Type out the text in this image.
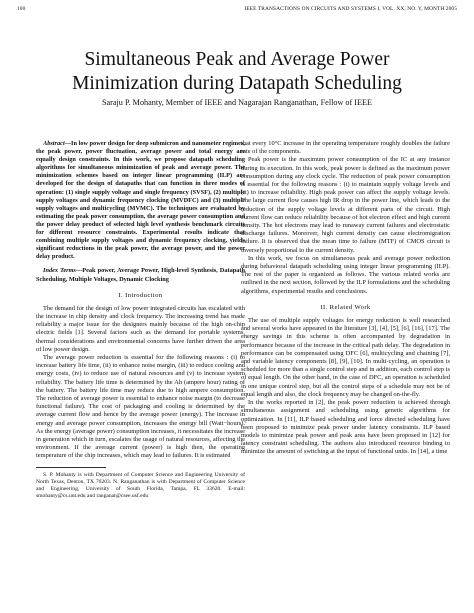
100	IEEE TRANSACTIONS ON CIRCUITS AND SYSTEMS I, VOL. XX, NO. Y, MONTH 2005
Simultaneous Peak and Average Power
Minimization during Datapath Scheduling
Saraju P. Mohanty, Member of IEEE and Nagarajan Ranganathan, Fellow of IEEE

Abstract—In low power design for deep submicron and nanometer regimes, the peak power, power fluctuation, average power and total energy are equally design constraints. In this work, we propose datapath scheduling algorithms for simultaneous minimization of peak and average power. The minimization schemes based on integer linear programming (ILP) are developed for the design of datapaths that can function in three modes of operation: (1) single supply voltage and single frequency (SVSF), (2) multiple supply voltages and dynamic frequency clocking (MVDFC) and (3) multiple supply voltages and multicycling (MVMC). The techniques are evaluated by estimating the peak power consumption, the average power consumption and the power delay product of selected high level synthesis benchmark circuits for different resource constraints. Experimental results indicate that combining multiple supply voltages and dynamic frequency clocking, yields significant reductions in the peak power, the average power, and the power delay product.

Index Terms—Peak power, Average Power, High-level Synthesis, Datapath Scheduling, Multiple Voltages, Dynamic Clocking

I. Introduction

The demand for the design of low power integrated circuits has escalated with the increase in chip density and clock frequency. The increasing trend has made reliability a major issue for the designers mainly because of the high on-chip electric fields [1]. Several factors such as the demand for portable systems, thermal considerations and environmental concerns have further driven the area of low power design.

The average power reduction is essential for the following reasons : (i) to increase battery life time, (ii) to enhance noise margin, (iii) to reduce cooling and energy costs, (iv) to reduce use of natural resources and (v) to increase system reliability. The battery life time is determined by the Ah (ampere hour) rating of the battery. The battery life time may reduce due to high ampere consumption. The reduction of average power is essential to enhance noise margin (to decrease functional failure). The cost of packaging and cooling is determined by the average current flow and hence by the average power (energy). The increase in energy and average power consumption, increases the energy bill (Watt−hours). As the energy (average power) consumption increases, it necessitates the increase in generation which in turn, escalates the usage of natural resources, affecting the environment. If the average current (power) is high then, the operating temperature of the chip increases, which may lead to failures. It is estimated

S. P. Mohanty is with Department of Computer Science and Engineering University of North Texas, Denton, TX 76203. N. Ranganathan is with Department of Computer Science and Engineering, University of South Florida, Tampa, FL 33620. E-mail: smohanty@cs.unt.edu and ranganat@csee.usf.edu

that every 10°C increase in the operating temperature roughly doubles the failure rate of the components.

Peak power is the maximum power consumption of the IC at any instance during its execution. In this work, peak power is defined as the maximum power consumption during any clock cycle. The reduction of peak power consumption is essential for the following reasons : (i) to maintain supply voltage levels and (ii) to increase reliability. High peak power can affect the supply voltage levels. The large current flow causes high IR drop in the power line, which leads to the reduction of the supply voltage levels at different parts of the circuit. High current flow can reduce reliability because of hot electron effect and high current density. The hot electrons may lead to runaway current failures and electrostatic discharge failures. Moreover, high current density can cause electromigration failure. It is observed that the mean time to failure (MTF) of CMOS circuit is inversely proportional to the current density.

In this work, we focus on simultaneous peak and average power reduction during behavioral datapath scheduling using integer linear programming (ILP). The rest of the paper is organized as follows. The various related works are outlined in the next section, followed by the ILP formulations and the scheduling algorithms, experimental results and conclusions.

II. Related Work

The use of multiple supply voltages for energy reduction is well researched and several works have appeared in the literature [3], [4], [5], [6], [16], [17]. The energy savings in this scheme is often accompanied by degradation in performance because of the increase in the critical path delay. The degradation in performance can be compensated using DFC [6], multicycling and chaining [7], and variable latency components [8], [9], [10]. In multi-cycling, an operation is scheduled for more than a single control step and in addition, each control step is of equal length. On the other hand, in the case of DFC, an operation is scheduled in one unique control step, but all the control steps of a schedule may not be of equal length and also, the clock frequency may be changed on-the-fly.

In the works reported in [2], the peak power reduction is achieved through simultaneous assignment and scheduling using genetic algorithms for optimization. In [11], ILP based scheduling and force directed scheduling have been proposed to minimize peak power under latency constraints. ILP based models to minimize peak power and peak area have been proposed in [12] for latency constraint scheduling. The authors also introduced resource binding to minimize the amount of switching at the input of functional units. In [14], a time
